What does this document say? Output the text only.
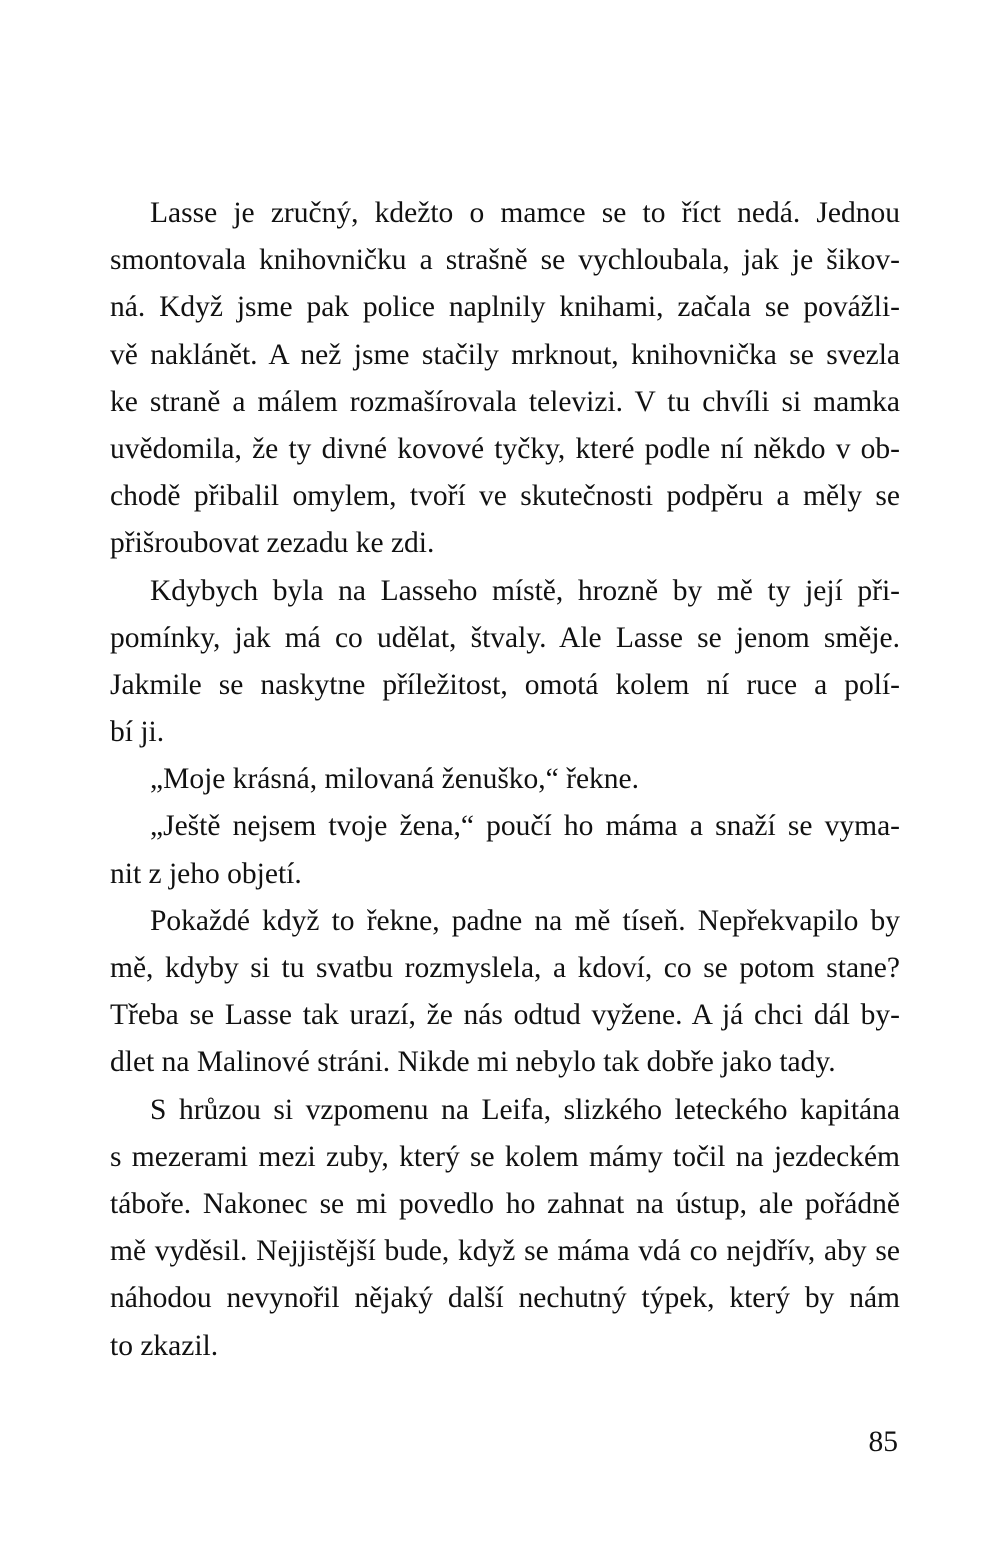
Lasse je zručný, kdežto o mamce se to říct nedá. Jednou
smontovala knihovničku a strašně se vychloubala, jak je šikov-
ná. Když jsme pak police naplnily knihami, začala se povážli-
vě naklánět. A než jsme stačily mrknout, knihovnička se svezla
ke straně a málem rozmašírovala televizi. V tu chvíli si mamka
uvědomila, že ty divné kovové tyčky, které podle ní někdo v ob-
chodě přibalil omylem, tvoří ve skutečnosti podpěru a měly se
přišroubovat zezadu ke zdi.
Kdybych byla na Lasseho místě, hrozně by mě ty její při-
pomínky, jak má co udělat, štvaly. Ale Lasse se jenom směje.
Jakmile se naskytne příležitost, omotá kolem ní ruce a polí-
bí ji.
„Moje krásná, milovaná ženuško,“ řekne.
„Ještě nejsem tvoje žena,“ poučí ho máma a snaží se vyma-
nit z jeho objetí.
Pokaždé když to řekne, padne na mě tíseň. Nepřekvapilo by
mě, kdyby si tu svatbu rozmyslela, a kdoví, co se potom stane?
Třeba se Lasse tak urazí, že nás odtud vyžene. A já chci dál by-
dlet na Malinové stráni. Nikde mi nebylo tak dobře jako tady.
S hrůzou si vzpomenu na Leifa, slizkého leteckého kapitána
s mezerami mezi zuby, který se kolem mámy točil na jezdeckém
táboře. Nakonec se mi povedlo ho zahnat na ústup, ale pořádně
mě vyděsil. Nejjistější bude, když se máma vdá co nejdřív, aby se
náhodou nevynořil nějaký další nechutný týpek, který by nám
to zkazil.
85
